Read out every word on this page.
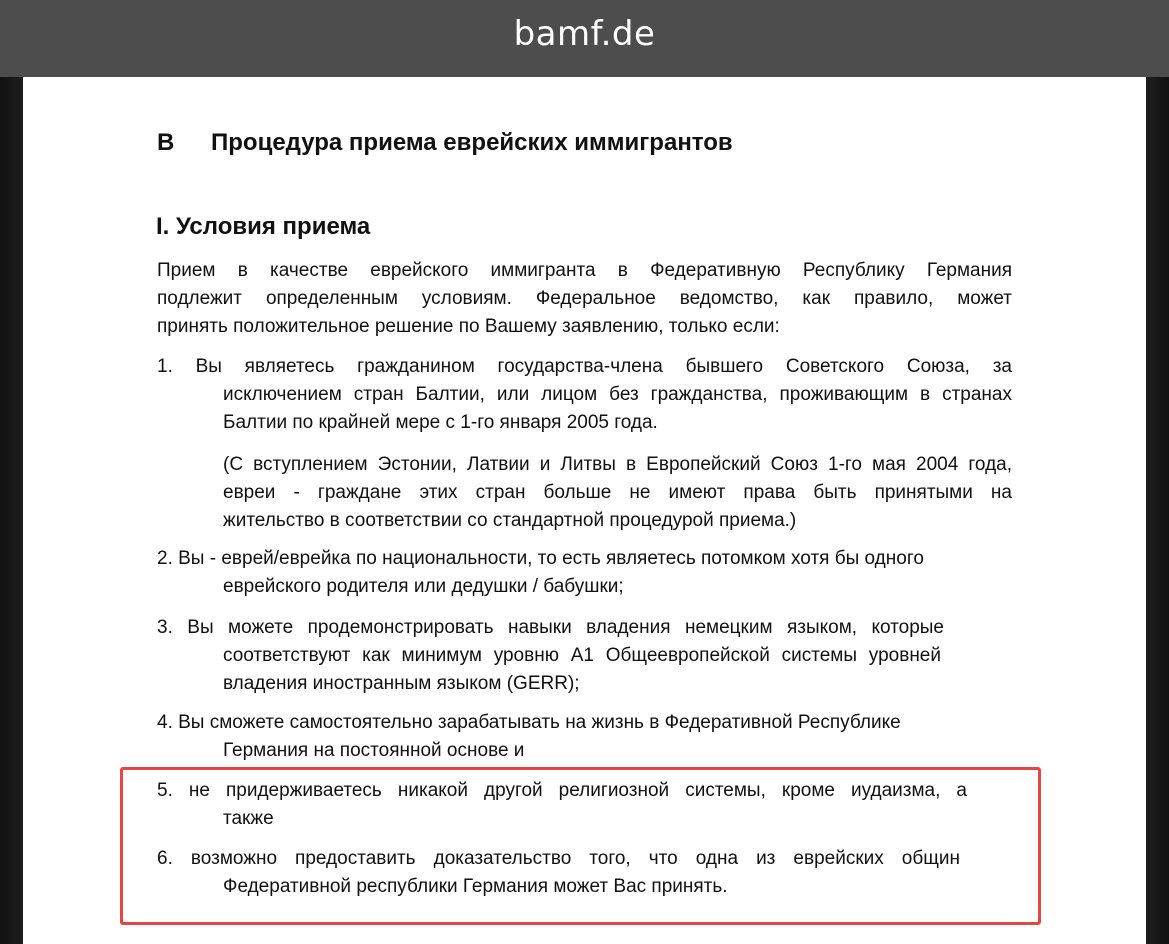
bamf.de
B Процедура приема еврейских иммигрантов
I. Условия приема
Прием в качестве еврейского иммигранта в Федеративную Республику Германия
подлежит определенным условиям. Федеральное ведомство, как правило, может
принять положительное решение по Вашему заявлению, только если:
1. Вы являетесь гражданином государства-члена бывшего Советского Союза, за
исключением стран Балтии, или лицом без гражданства, проживающим в странах
Балтии по крайней мере с 1-го января 2005 года.
(С вступлением Эстонии, Латвии и Литвы в Европейский Союз 1-го мая 2004 года,
евреи - граждане этих стран больше не имеют права быть принятыми на
жительство в соответствии со стандартной процедурой приема.)
2. Вы - еврей/еврейка по национальности, то есть являетесь потомком хотя бы одного
еврейского родителя или дедушки / бабушки;
3. Вы можете продемонстрировать навыки владения немецким языком, которые
соответствуют как минимум уровню А1 Общеевропейской системы уровней
владения иностранным языком (GERR);
4. Вы сможете самостоятельно зарабатывать на жизнь в Федеративной Республике
Германия на постоянной основе и
5. не придерживаетесь никакой другой религиозной системы, кроме иудаизма, а
также
6. возможно предоставить доказательство того, что одна из еврейских общин
Федеративной республики Германия может Вас принять.
